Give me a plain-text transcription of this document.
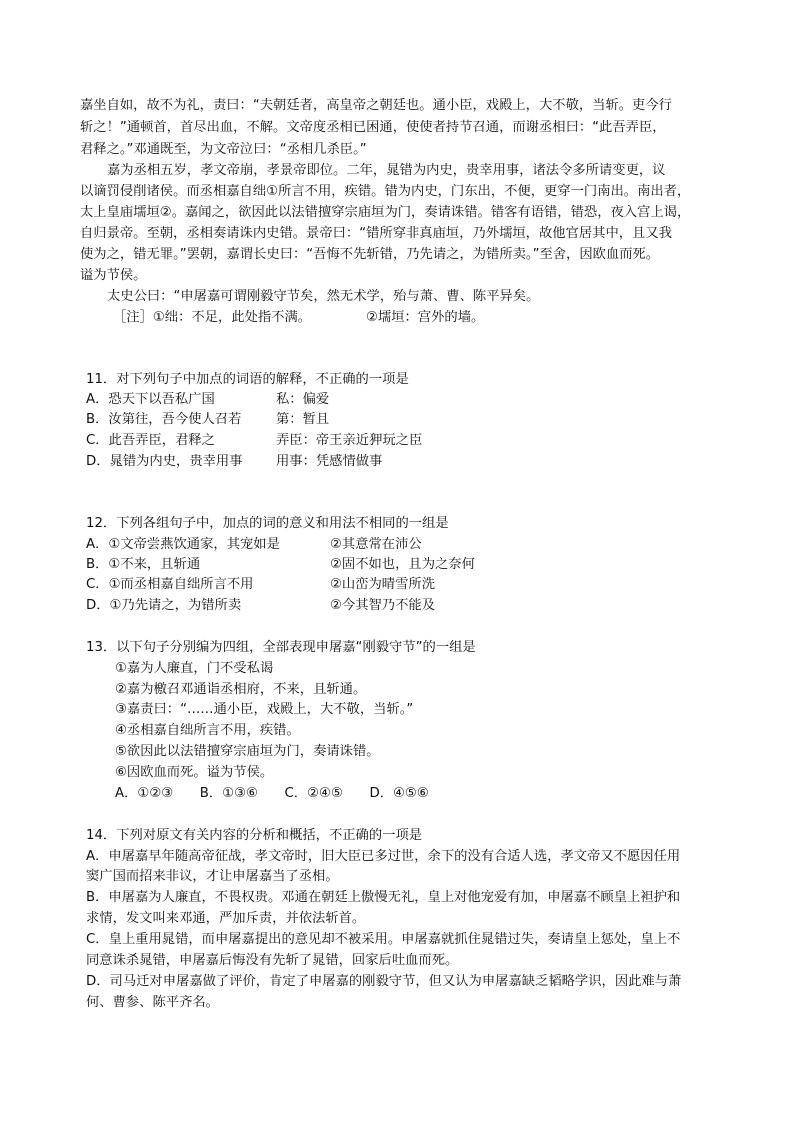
嘉坐自如，故不为礼，责曰：“夫朝廷者，高皇帝之朝廷也。通小臣，戏殿上，大不敬，当斩。吏今行
斩之！”通顿首，首尽出血，不解。文帝度丞相已困通，使使者持节召通，而谢丞相曰：“此吾弄臣，
君释之。”邓通既至，为文帝泣曰：“丞相几杀臣。”
嘉为丞相五岁，孝文帝崩，孝景帝即位。二年，晁错为内史，贵幸用事，诸法令多所请变更，议
以谪罚侵削诸侯。而丞相嘉自绌①所言不用，疾错。错为内史，门东出，不便，更穿一门南出。南出者，
太上皇庙壖垣②。嘉闻之，欲因此以法错擅穿宗庙垣为门，奏请诛错。错客有语错，错恐，夜入宫上谒，
自归景帝。至朝，丞相奏请诛内史错。景帝曰：“错所穿非真庙垣，乃外壖垣，故他官居其中，且又我
使为之，错无罪。”罢朝，嘉谓长史曰：“吾悔不先斩错，乃先请之，为错所卖。”至舍，因欧血而死。
谥为节侯。
太史公曰：“申屠嘉可谓刚毅守节矣，然无术学，殆与萧、曹、陈平异矣。
［注］①绌：不足，此处指不满。	②壖垣：宫外的墙。
11．对下列句子中加点的词语的解释，不正确的一项是
A．恐天下以吾私广国	私：偏爱
B．汝第往，吾今使人召若	第：暂且
C．此吾弄臣，君释之	弄臣：帝王亲近狎玩之臣
D．晁错为内史，贵幸用事	用事：凭感情做事
12．下列各组句子中，加点的词的意义和用法不相同的一组是
A．①文帝尝燕饮通家，其宠如是	②其意常在沛公
B．①不来，且斩通	②固不如也，且为之奈何
C．①而丞相嘉自绌所言不用	②山峦为晴雪所洗
D．①乃先请之，为错所卖	②今其智乃不能及
13．以下句子分别编为四组，全部表现申屠嘉“刚毅守节”的一组是
①嘉为人廉直，门不受私谒
②嘉为檄召邓通诣丞相府，不来，且斩通。
③嘉责曰：“……通小臣，戏殿上，大不敬，当斩。”
④丞相嘉自绌所言不用，疾错。
⑤欲因此以法错擅穿宗庙垣为门，奏请诛错。
⑥因欧血而死。谥为节侯。
A．①②③　　B．①③⑥　　C．②④⑤　　D．④⑤⑥
14．下列对原文有关内容的分析和概括，不正确的一项是
A．申屠嘉早年随高帝征战，孝文帝时，旧大臣已多过世，余下的没有合适人选，孝文帝又不愿因任用
窦广国而招来非议，才让申屠嘉当了丞相。
B．申屠嘉为人廉直，不畏权贵。邓通在朝廷上傲慢无礼，皇上对他宠爱有加，申屠嘉不顾皇上袒护和
求情，发文叫来邓通，严加斥责，并依法斩首。
C．皇上重用晁错，而申屠嘉提出的意见却不被采用。申屠嘉就抓住晁错过失，奏请皇上惩处，皇上不
同意诛杀晁错，申屠嘉后悔没有先斩了晁错，回家后吐血而死。
D．司马迁对申屠嘉做了评价，肯定了申屠嘉的刚毅守节，但又认为申屠嘉缺乏韬略学识，因此难与萧
何、曹参、陈平齐名。
